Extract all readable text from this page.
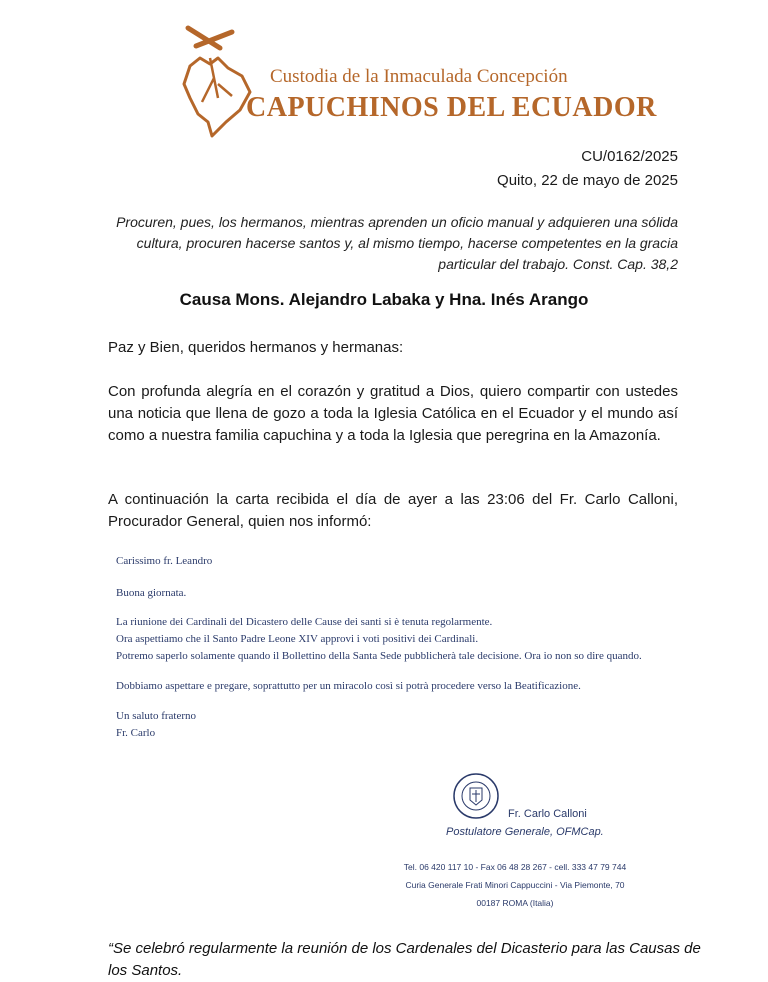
Custodia de la Inmaculada Concepción
CAPUCHINOS DEL ECUADOR
CU/0162/2025
Quito, 22 de mayo de 2025
Procuren, pues, los hermanos, mientras aprenden un oficio manual y adquieren una sólida cultura, procuren hacerse santos y, al mismo tiempo, hacerse competentes en la gracia particular del trabajo. Const. Cap. 38,2
Causa Mons. Alejandro Labaka y Hna. Inés Arango
Paz y Bien, queridos hermanos y hermanas:
Con profunda alegría en el corazón y gratitud a Dios, quiero compartir con ustedes una noticia que llena de gozo a toda la Iglesia Católica en el Ecuador y el mundo así como a nuestra familia capuchina y a toda la Iglesia que peregrina en la Amazonía.
A continuación la carta recibida el día de ayer a las 23:06 del Fr. Carlo Calloni, Procurador General, quien nos informó:
Carissimo fr. Leandro
Buona giornata.
La riunione dei Cardinali del Dicastero delle Cause dei santi si è tenuta regolarmente.
Ora aspettiamo che il Santo Padre Leone XIV approvi i voti positivi dei Cardinali.
Potremo saperlo solamente quando il Bollettino della Santa Sede pubblicherà tale decisione. Ora io non so dire quando.
Dobbiamo aspettare e pregare, soprattutto per un miracolo così si potrà procedere verso la Beatificazione.
Un saluto fraterno
Fr. Carlo
Fr. Carlo Calloni
Postulatore Generale, OFMCap.
Tel. 06 420 117 10 - Fax 06 48 28 267 - cell. 333 47 79 744
Curia Generale Frati Minori Cappuccini - Via Piemonte, 70
00187 ROMA (Italia)
“Se celebró regularmente la reunión de los Cardenales del Dicasterio para las Causas de los Santos.
